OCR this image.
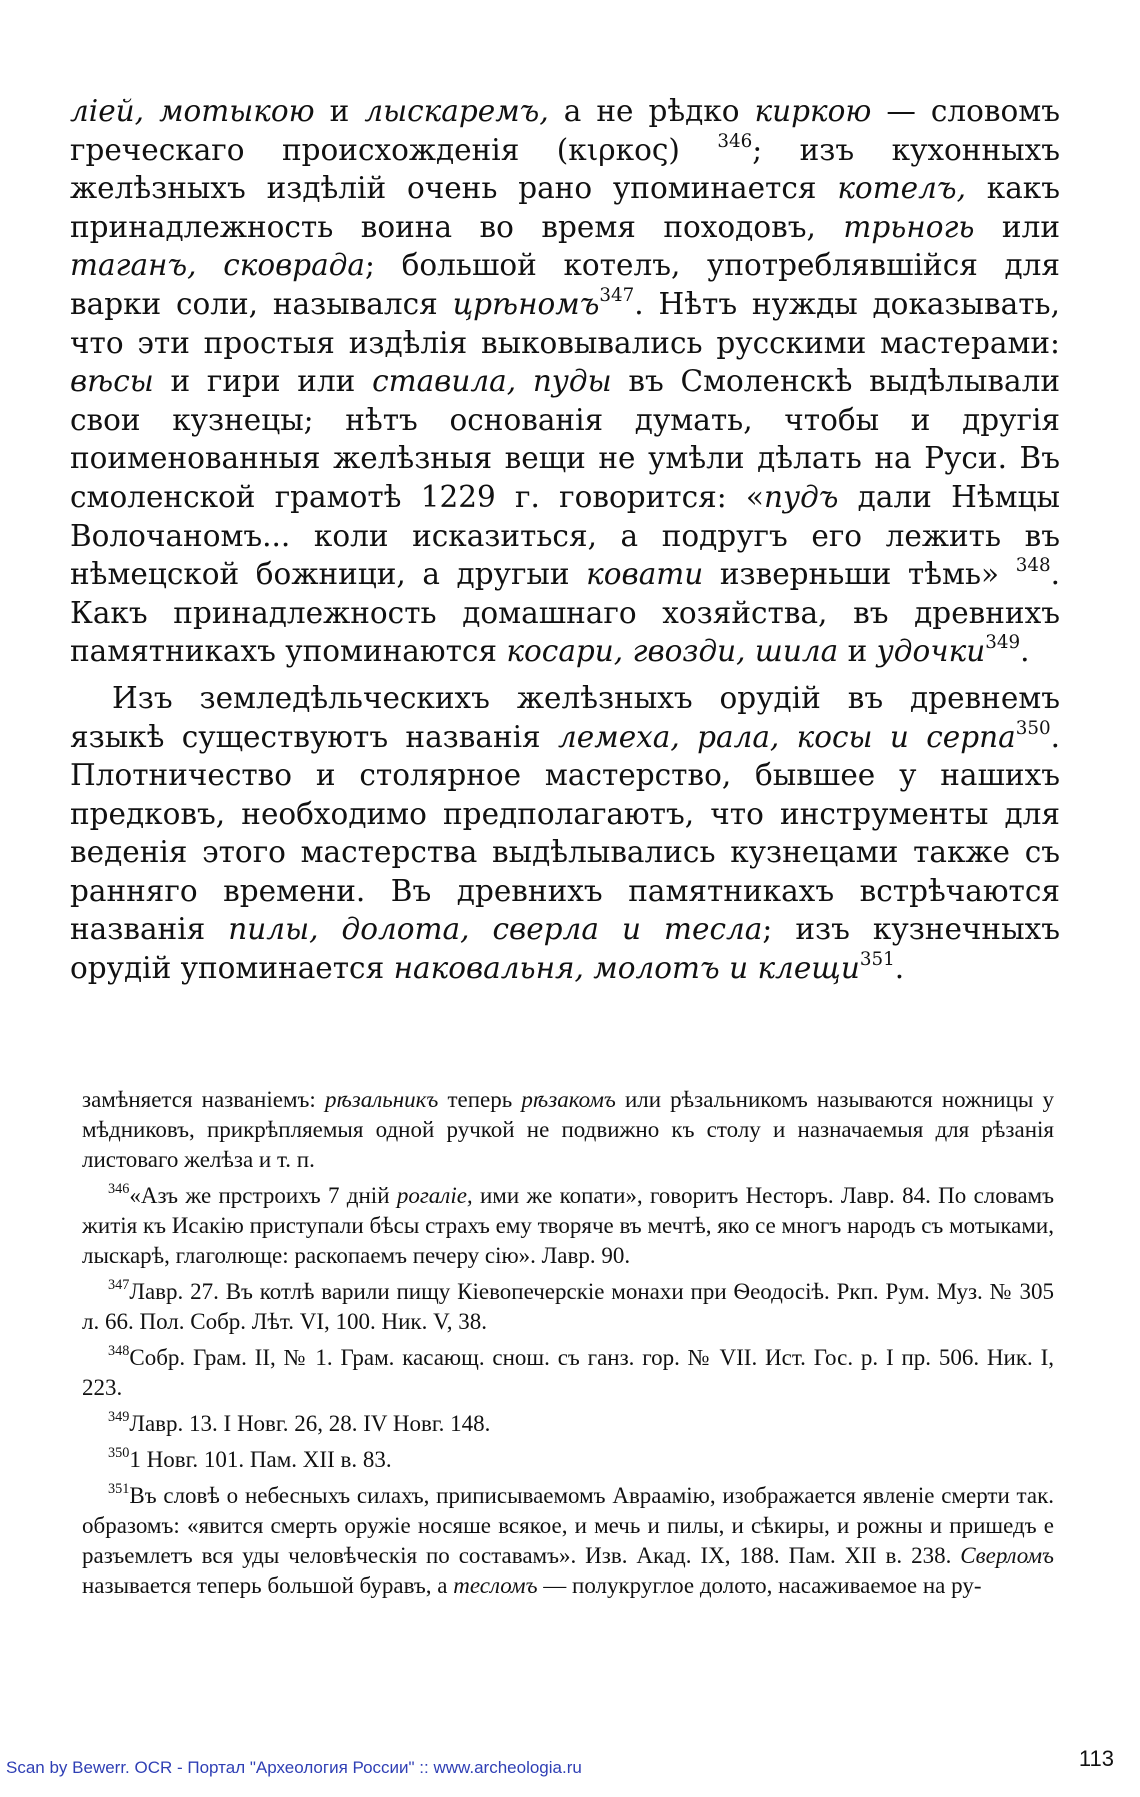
лiей, мотыкою и лыскаремъ, а не рѣдко киркою — словомъ греческаго происхожденiя (κιρκος) $^{346}$; изъ кухонныхъ желѣзныхъ издѣлiй очень рано упоминается котелъ, какъ принадлежность воина во время походовъ, трьногь или таганъ, сковрада; большой котелъ, употреблявшiйся для варки соли, назывался црѣномъ$^{347}$. Нѣтъ нужды доказывать, что эти простыя издѣлiя выковывались русскими мастерами: вѣсы и гири или ставила, пуды въ Смоленскѣ выдѣлывали свои кузнецы; нѣтъ основанiя думать, чтобы и другiя поименованныя желѣзныя вещи не умѣли дѣлать на Руси. Въ смоленской грамотѣ 1229 г. говорится: «пудъ дали Нѣмцы Волочаномъ... коли исказиться, а подругъ его лежить въ нѣмецской божници, а другыи ковати изверньши тѣмь» $^{348}$. Какъ принадлежность домашнаго хозяйства, въ древнихъ памятникахъ упоминаются косари, гвозди, шила и удочки$^{349}$.

Изъ земледѣльческихъ желѣзныхъ орудiй въ древнемъ языкѣ существуютъ названiя лемеха, рала, косы и серпа$^{350}$. Плотничество и столярное мастерство, бывшее у нашихъ предковъ, необходимо предполагаютъ, что инструменты для веденiя этого мастерства выдѣлывались кузнецами также съ ранняго времени. Въ древнихъ памятникахъ встрѣчаются названiя пилы, долота, сверла и тесла; изъ кузнечныхъ орудiй упоминается наковальня, молотъ и клещи$^{351}$.

замѣняется названiемъ: рѣзальникъ теперь рѣзакомъ или рѣзальникомъ называются ножницы у мѣдниковъ, прикрѣпляемыя одной ручкой не подвижно къ столу и назначаемыя для рѣзанiя листоваго желѣза и т. п.

$^{346}$«Азъ же прстроихъ 7 днiй рогалiе, ими же копати», говоритъ Несторъ. Лавр. 84. По словамъ житiя къ Исакiю приступали бѣсы страхъ ему творяче въ мечтѣ, яко се многъ народъ съ мотыками, лыскарѣ, глаголюще: раскопаемъ печеру сiю». Лавр. 90.

$^{347}$Лавр. 27. Въ котлѣ варили пищу Кiевопечерскiе монахи при Ѳеодосiѣ. Ркп. Рум. Муз. № 305 л. 66. Пол. Собр. Лѣт. VI, 100. Ник. V, 38.

$^{348}$Собр. Грам. II, № 1. Грам. касающ. снош. съ ганз. гор. № VII. Ист. Гос. р. I пр. 506. Ник. I, 223.

$^{349}$Лавр. 13. I Новг. 26, 28. IV Новг. 148.

$^{350}$1 Новг. 101. Пам. XII в. 83.

$^{351}$Въ словѣ о небесныхъ силахъ, приписываемомъ Авраамiю, изображается явленiе смерти так. образомъ: «явится смерть оружiе носяше всякое, и мечь и пилы, и сѣкиры, и рожны и пришедъ е разъемлетъ вся уды человѣческiя по составамъ». Изв. Акад. IX, 188. Пам. XII в. 238. Сверломъ называется теперь большой буравъ, а тесломъ — полукруглое долото, насаживаемое на ру-

Scan by Bewerr. OCR - Портал "Археология России" :: www.archeologia.ru	113
